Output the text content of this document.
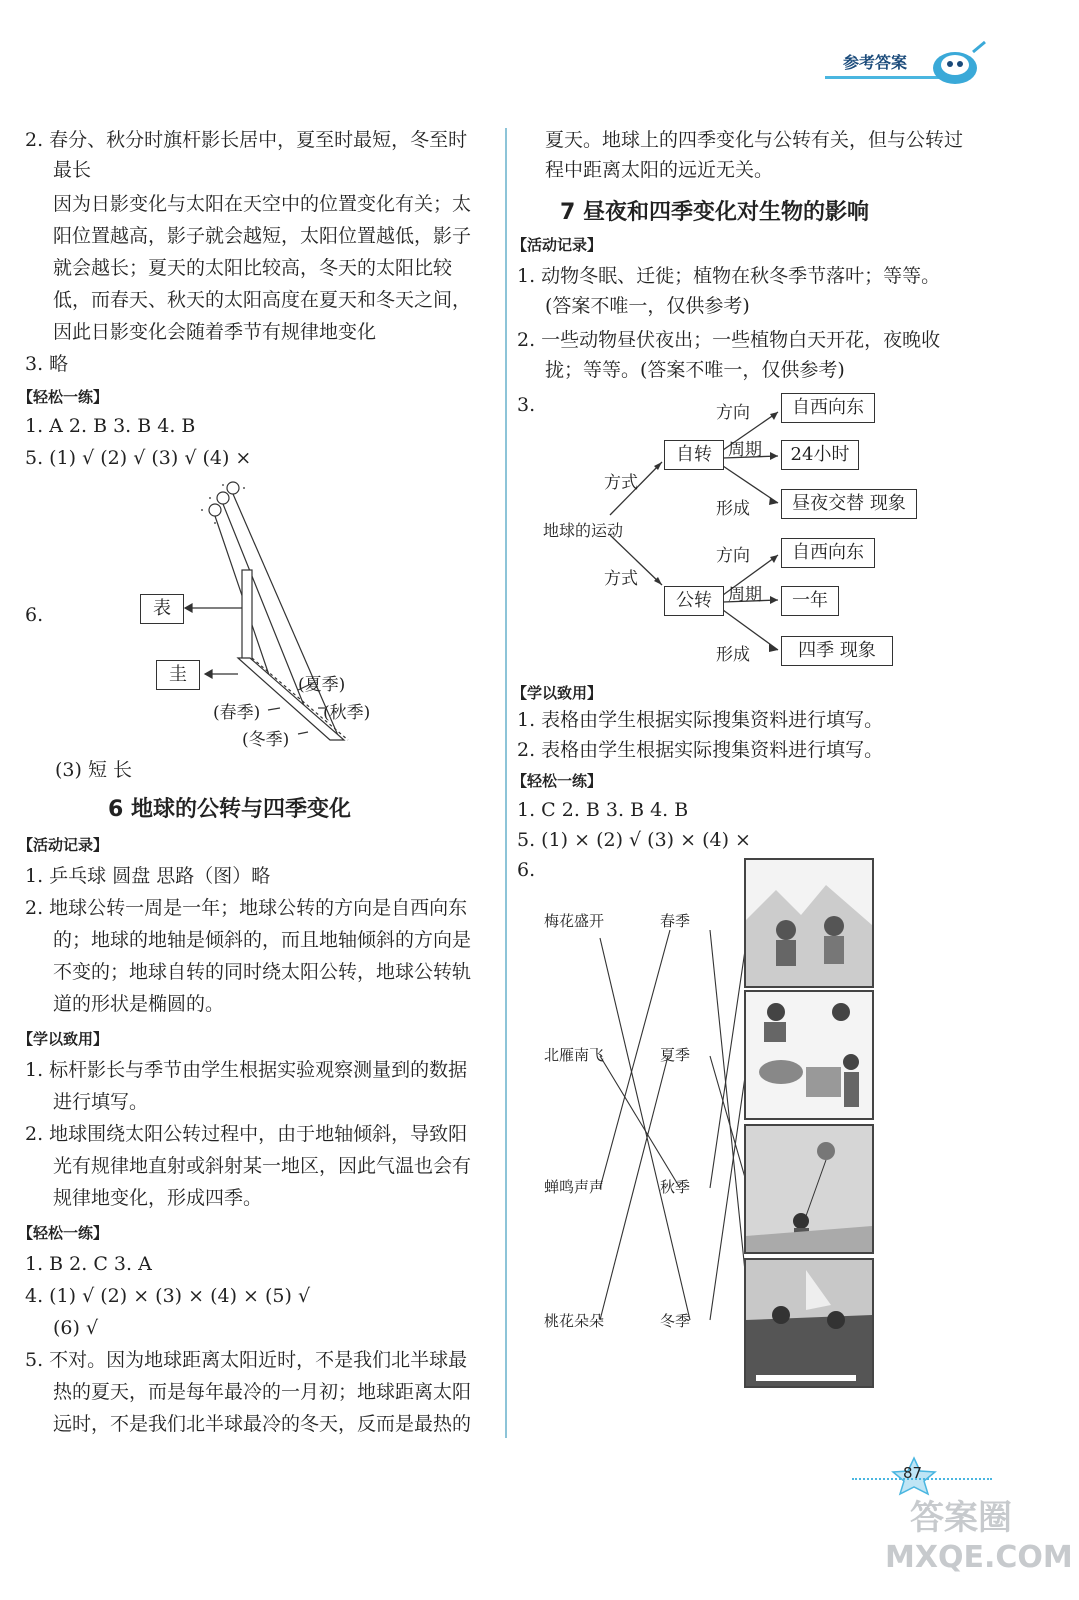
参考答案
2. 春分、秋分时旗杆影长居中，夏至时最短，冬至时
最长
因为日影变化与太阳在天空中的位置变化有关；太
阳位置越高，影子就会越短，太阳位置越低，影子
就会越长；夏天的太阳比较高，冬天的太阳比较
低，而春天、秋天的太阳高度在夏天和冬天之间，
因此日影变化会随着季节有规律地变化
3. 略
【轻松一练】
1. A 2. B 3. B 4. B
5. (1) √ (2) √ (3) √ (4) ×
6.	表
圭	(夏季)
(春季)	(秋季)
(冬季)
(3) 短 长
6 地球的公转与四季变化
【活动记录】
1. 乒乓球 圆盘 思路（图）略
2. 地球公转一周是一年；地球公转的方向是自西向东
的；地球的地轴是倾斜的，而且地轴倾斜的方向是
不变的；地球自转的同时绕太阳公转，地球公转轨
道的形状是椭圆的。
【学以致用】
1. 标杆影长与季节由学生根据实验观察测量到的数据
进行填写。
2. 地球围绕太阳公转过程中，由于地轴倾斜，导致阳
光有规律地直射或斜射某一地区，因此气温也会有
规律地变化，形成四季。
【轻松一练】
1. B 2. C 3. A
4. (1) √ (2) × (3) × (4) × (5) √
(6) √
5. 不对。因为地球距离太阳近时，不是我们北半球最
热的夏天，而是每年最冷的一月初；地球距离太阳
远时，不是我们北半球最冷的冬天，反而是最热的
夏天。地球上的四季变化与公转有关，但与公转过
程中距离太阳的远近无关。
7 昼夜和四季变化对生物的影响
【活动记录】
1. 动物冬眠、迁徙；植物在秋冬季节落叶；等等。
(答案不唯一，仅供参考)
2. 一些动物昼伏夜出；一些植物白天开花，夜晚收
拢；等等。(答案不唯一，仅供参考)
3.
地球的运动
方式
方式
自转
公转
方向
周期
形成
方向
周期
形成
自西向东
24小时
昼夜交替 现象
自西向东
一年
四季 现象
【学以致用】
1. 表格由学生根据实际搜集资料进行填写。
2. 表格由学生根据实际搜集资料进行填写。
【轻松一练】
1. C 2. B 3. B 4. B
5. (1) × (2) √ (3) × (4) ×
6.
梅花盛开
北雁南飞
蝉鸣声声
桃花朵朵
春季
夏季
秋季
冬季
87
答案圈
MXQE.COM
